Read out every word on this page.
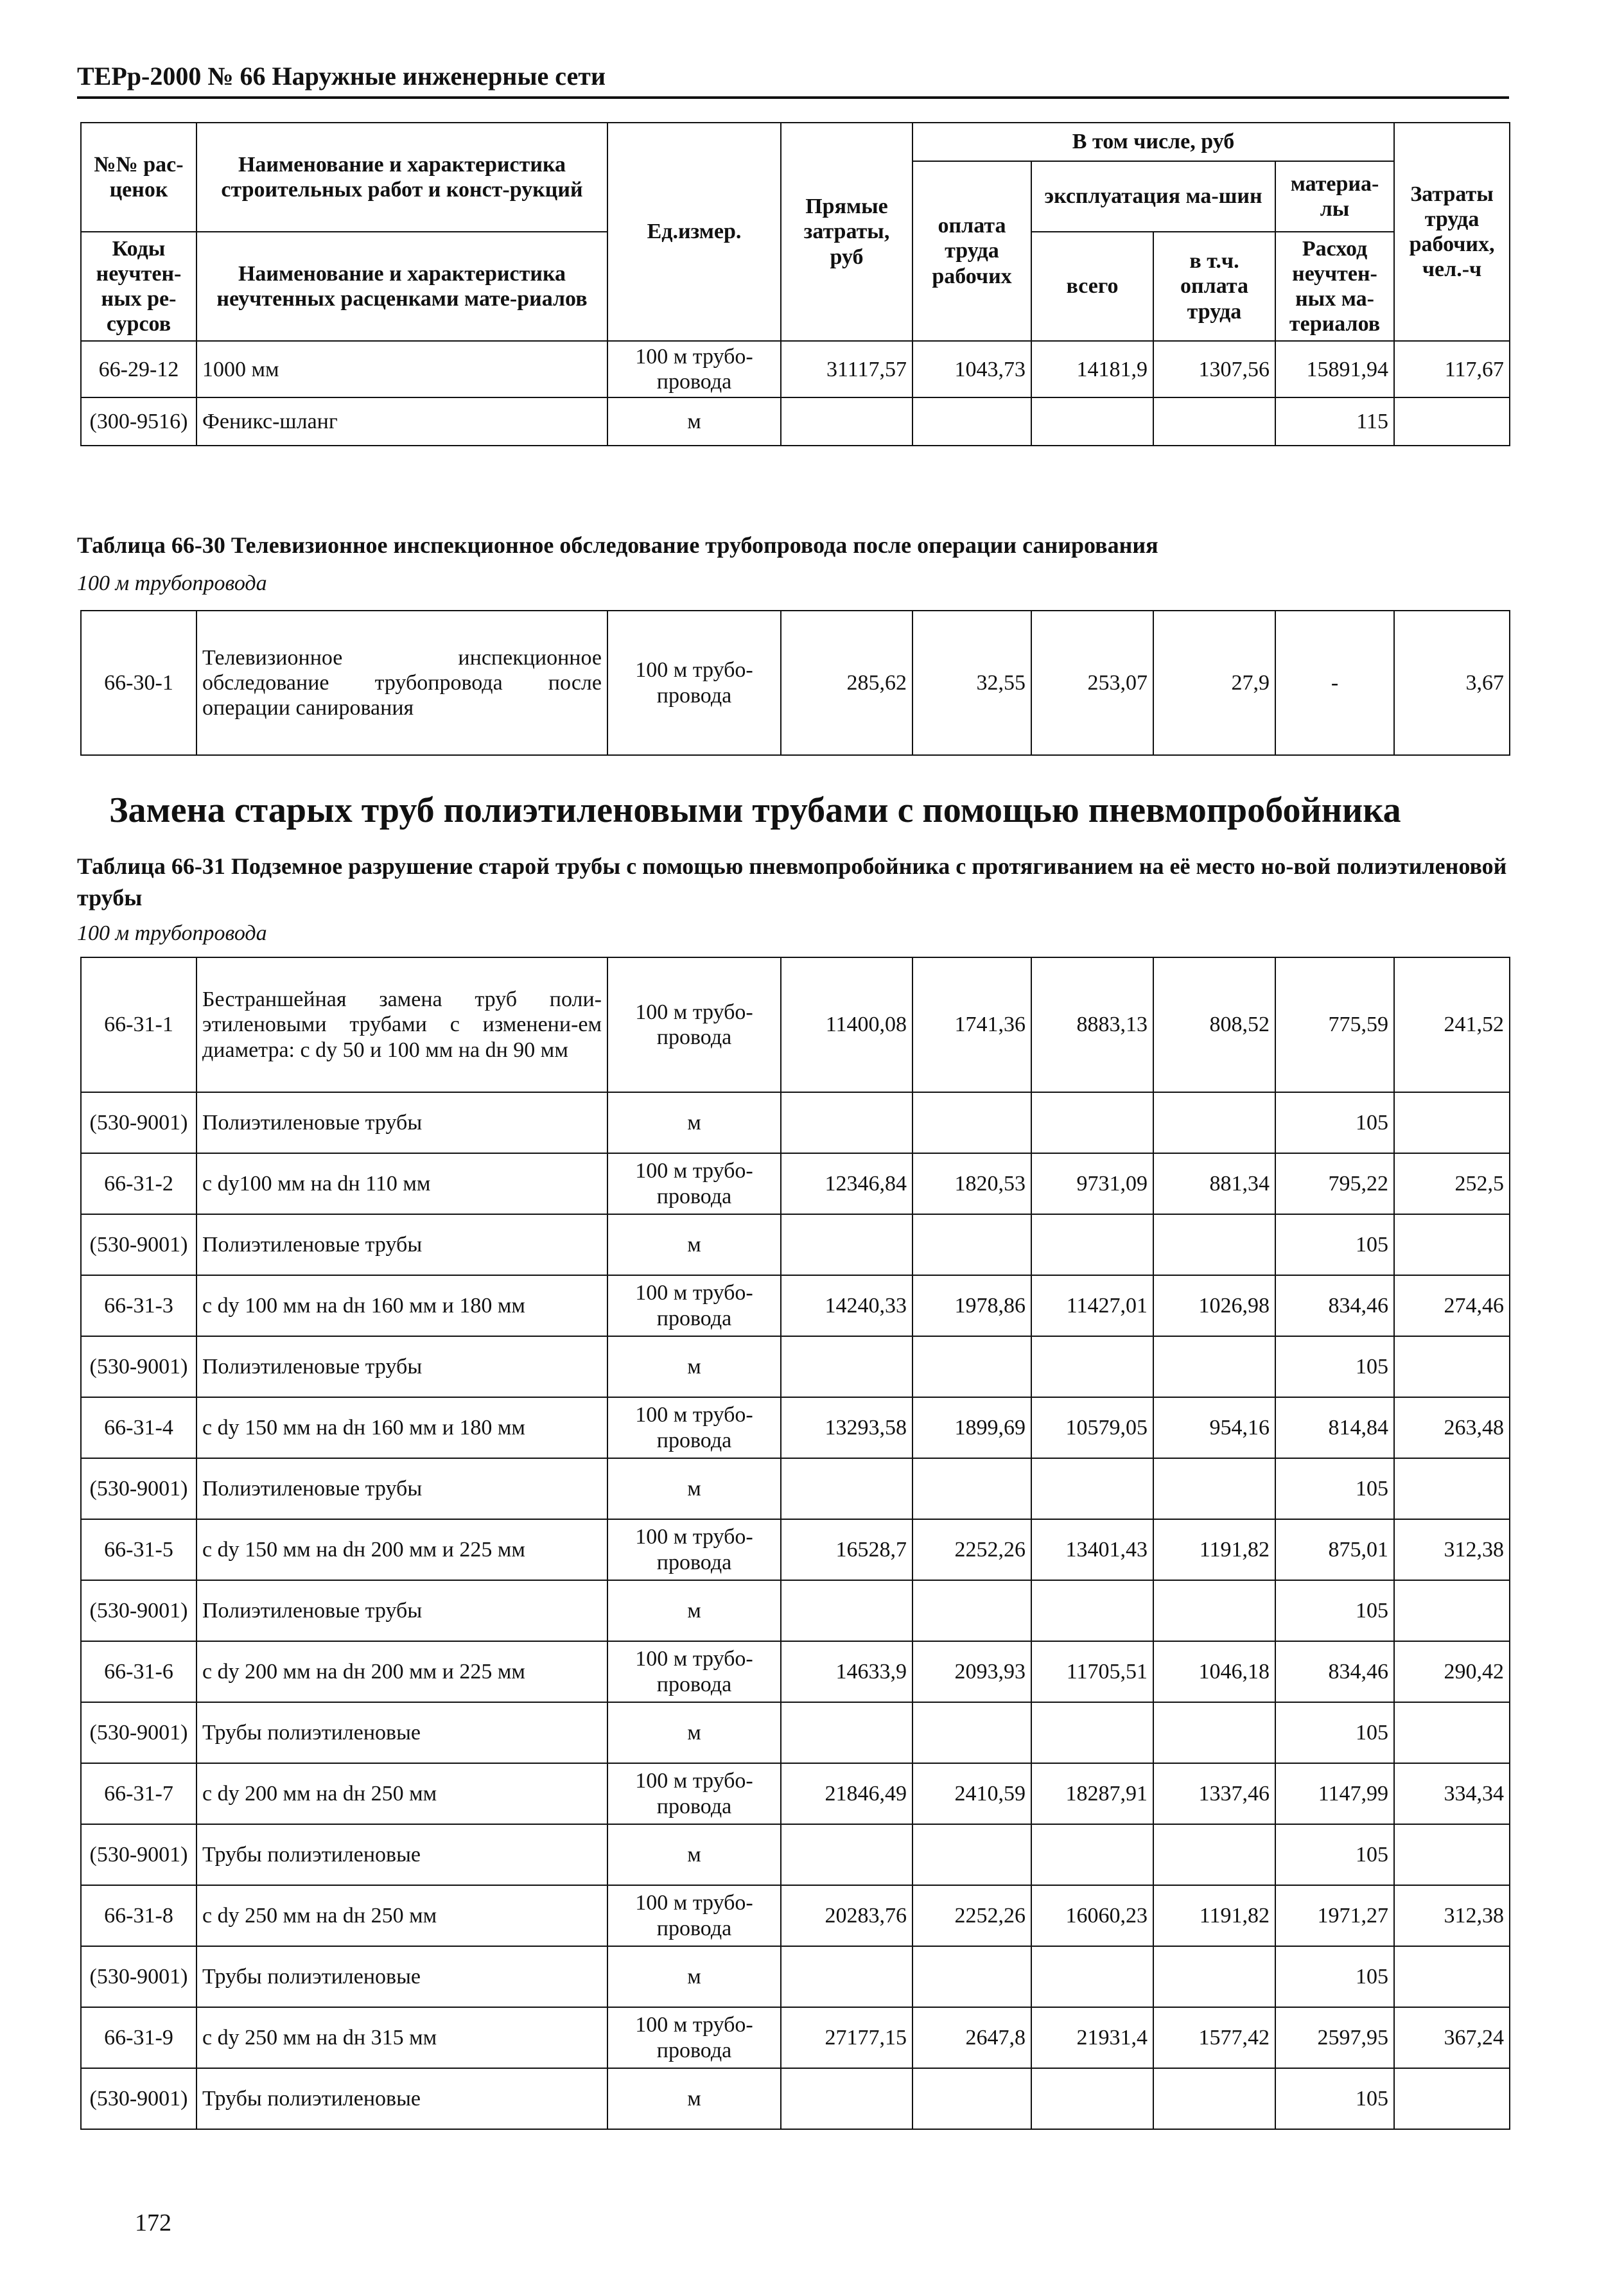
ТЕРр-2000 № 66 Наружные инженерные сети
№№ рас-ценок	Наименование и характеристика строительных работ и конст-рукций	Ед.измер.	Прямые затраты, руб	В том числе, руб				Затраты труда рабочих, чел.-ч
				оплата труда рабочих	эксплуатация ма-шин		материа-лы	
Коды неучтен-ных ре-сурсов	Наименование и характеристика неучтенных расценками мате-риалов				всего	в т.ч. оплата труда	Расход неучтен-ных ма-териалов	

66-29-12	1000 мм	100 м трубо-провода	31117,57	1043,73	14181,9	1307,56	15891,94	117,67
(300-9516)	Феникс-шланг	м					115	
Таблица 66-30 Телевизионное инспекционное обследование трубопровода после операции санирования
100 м трубопровода
66-30-1	Телевизионное инспекционное обследование трубопровода после операции санирования	100 м трубо-провода	285,62	32,55	253,07	27,9	-	3,67
Замена старых труб полиэтиленовыми трубами с помощью пневмопробойника
Таблица 66-31 Подземное разрушение старой трубы с помощью пневмопробойника с протягиванием на её место но-вой полиэтиленовой трубы
100 м трубопровода
66-31-1	Бестраншейная замена труб поли-этиленовыми трубами с изменени-ем диаметра: с dy 50 и 100 мм на dн 90 мм	100 м трубо-провода	11400,08	1741,36	8883,13	808,52	775,59	241,52
(530-9001)	Полиэтиленовые трубы	м					105	
66-31-2	с dy100 мм на dн 110 мм	100 м трубо-провода	12346,84	1820,53	9731,09	881,34	795,22	252,5
(530-9001)	Полиэтиленовые трубы	м					105	
66-31-3	с dy 100 мм на dн 160 мм и 180 мм	100 м трубо-провода	14240,33	1978,86	11427,01	1026,98	834,46	274,46
(530-9001)	Полиэтиленовые трубы	м					105	
66-31-4	с dy 150 мм на dн 160 мм и 180 мм	100 м трубо-провода	13293,58	1899,69	10579,05	954,16	814,84	263,48
(530-9001)	Полиэтиленовые трубы	м					105	
66-31-5	с dy 150 мм на dн 200 мм и 225 мм	100 м трубо-провода	16528,7	2252,26	13401,43	1191,82	875,01	312,38
(530-9001)	Полиэтиленовые трубы	м					105	
66-31-6	с dy 200 мм на dн 200 мм и 225 мм	100 м трубо-провода	14633,9	2093,93	11705,51	1046,18	834,46	290,42
(530-9001)	Трубы полиэтиленовые	м					105	
66-31-7	с dy 200 мм на dн 250 мм	100 м трубо-провода	21846,49	2410,59	18287,91	1337,46	1147,99	334,34
(530-9001)	Трубы полиэтиленовые	м					105	
66-31-8	с dy 250 мм на dн 250 мм	100 м трубо-провода	20283,76	2252,26	16060,23	1191,82	1971,27	312,38
(530-9001)	Трубы полиэтиленовые	м					105	
66-31-9	с dy 250 мм на dн 315 мм	100 м трубо-провода	27177,15	2647,8	21931,4	1577,42	2597,95	367,24
(530-9001)	Трубы полиэтиленовые	м					105	
172
